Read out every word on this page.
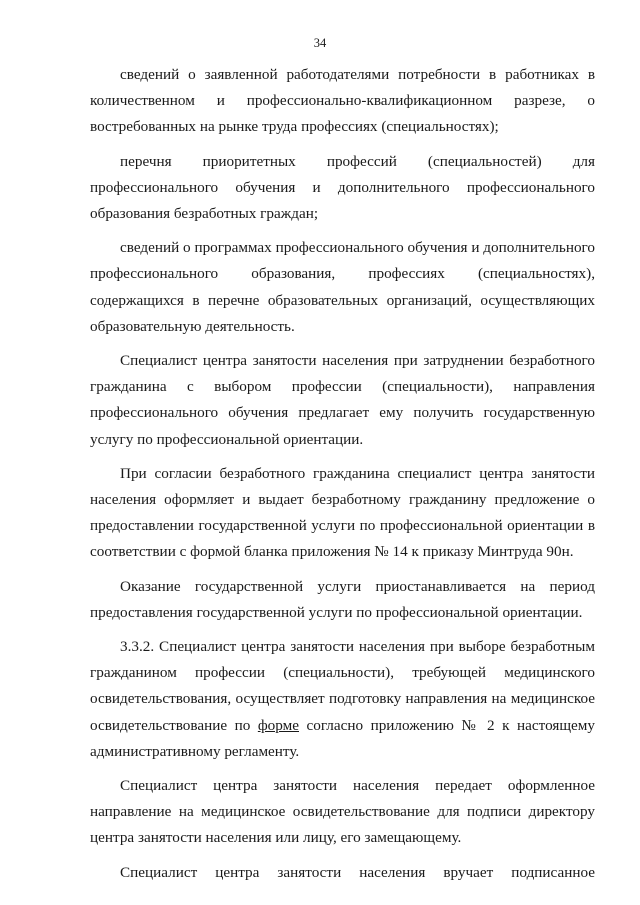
34

сведений о заявленной работодателями потребности в работниках в количественном и профессионально-квалификационном разрезе, о востребованных на рынке труда профессиях (специальностях);

перечня приоритетных профессий (специальностей) для профессионального обучения и дополнительного профессионального образования безработных граждан;

сведений о программах профессионального обучения и дополнительного профессионального образования, профессиях (специальностях), содержащихся в перечне образовательных организаций, осуществляющих образовательную деятельность.

Специалист центра занятости населения при затруднении безработного гражданина с выбором профессии (специальности), направления профессионального обучения предлагает ему получить государственную услугу по профессиональной ориентации.

При согласии безработного гражданина специалист центра занятости населения оформляет и выдает безработному гражданину предложение о предоставлении государственной услуги по профессиональной ориентации в соответствии с формой бланка приложения № 14 к приказу Минтруда 90н.

Оказание государственной услуги приостанавливается на период предоставления государственной услуги по профессиональной ориентации.

3.3.2. Специалист центра занятости населения при выборе безработным гражданином профессии (специальности), требующей медицинского освидетельствования, осуществляет подготовку направления на медицинское освидетельствование по форме согласно приложению № 2 к настоящему административному регламенту.

Специалист центра занятости населения передает оформленное направление на медицинское освидетельствование для подписи директору центра занятости населения или лицу, его замещающему.

Специалист центра занятости населения вручает подписанное
